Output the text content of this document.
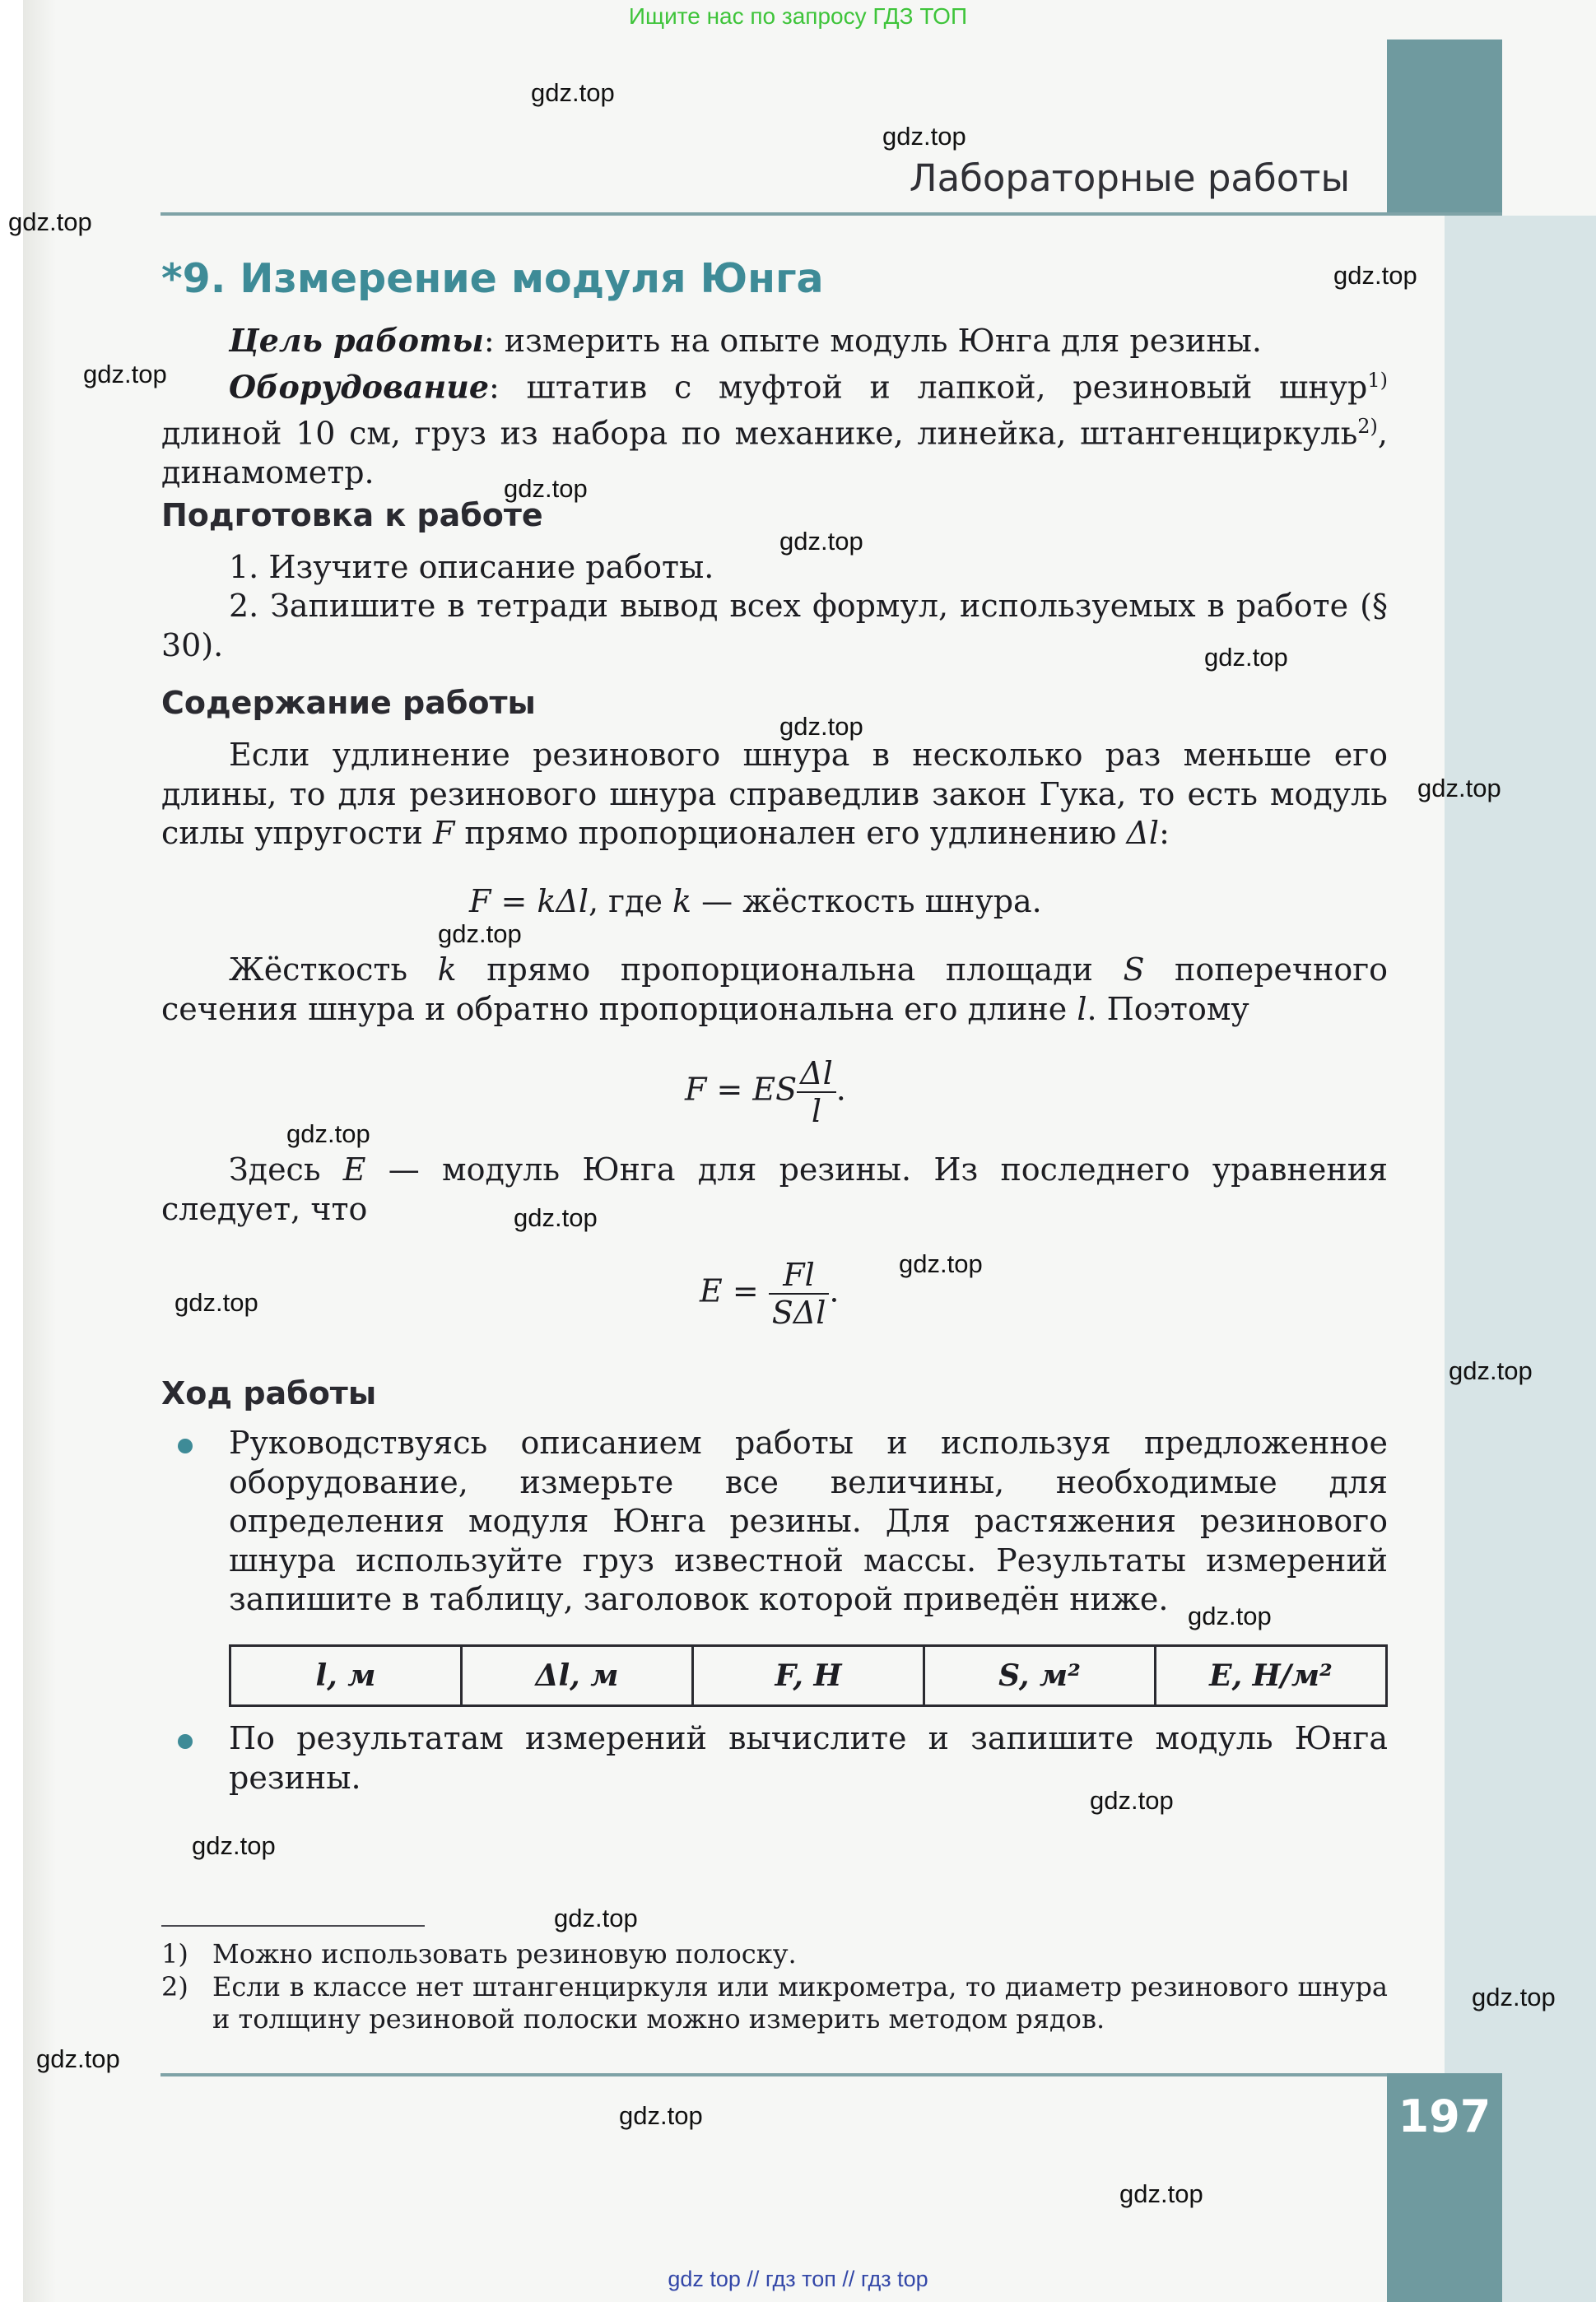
Ищите нас по запросу ГДЗ ТОП
Лабораторные работы
*9. Измерение модуля Юнга
Цель работы: измерить на опыте модуль Юнга для резины.
Оборудование: штатив с муфтой и лапкой, резиновый шнур$^{1)}$ длиной 10 см, груз из набора по механике, линейка, штангенциркуль$^{2)}$, динамометр.
Подготовка к работе
1. Изучите описание работы.
2. Запишите в тетради вывод всех формул, используемых в работе (§ 30).
Содержание работы
Если удлинение резинового шнура в несколько раз меньше его длины, то для резинового шнура справедлив закон Гука, то есть модуль силы упругости F прямо пропорционален его удлинению Δl:
F = kΔl, где k — жёсткость шнура.
Жёсткость k прямо пропорциональна площади S поперечного сечения шнура и обратно пропорциональна его длине l. Поэтому
F = ES $\frac{\Delta l}{l}$ .
Здесь E — модуль Юнга для резины. Из последнего уравнения следует, что
$E = \frac{Fl}{\text{SΔl}}$ .
Ход работы
Руководствуясь описанием работы и используя предложенное оборудование, измерьте все величины, необходимые для определения модуля Юнга резины. Для растяжения резинового шнура используйте груз известной массы. Результаты измерений запишите в таблицу, заголовок которой приведён ниже.
l, м	Δl, м	F, Н	S, м²	E, Н/м²
По результатам измерений вычислите и запишите модуль Юнга резины.
1) Можно использовать резиновую полоску.
2) Если в классе нет штангенциркуля или микрометра, то диаметр резинового шнура и толщину резиновой полоски можно измерить методом рядов.
197
gdz top // гдз топ // гдз top
gdz.top
gdz.top
gdz.top
gdz.top
gdz.top
gdz.top
gdz.top
gdz.top
gdz.top
gdz.top
gdz.top
gdz.top
gdz.top
gdz.top
gdz.top
gdz.top
gdz.top
gdz.top
gdz.top
gdz.top
gdz.top
gdz.top
gdz.top
gdz.top
